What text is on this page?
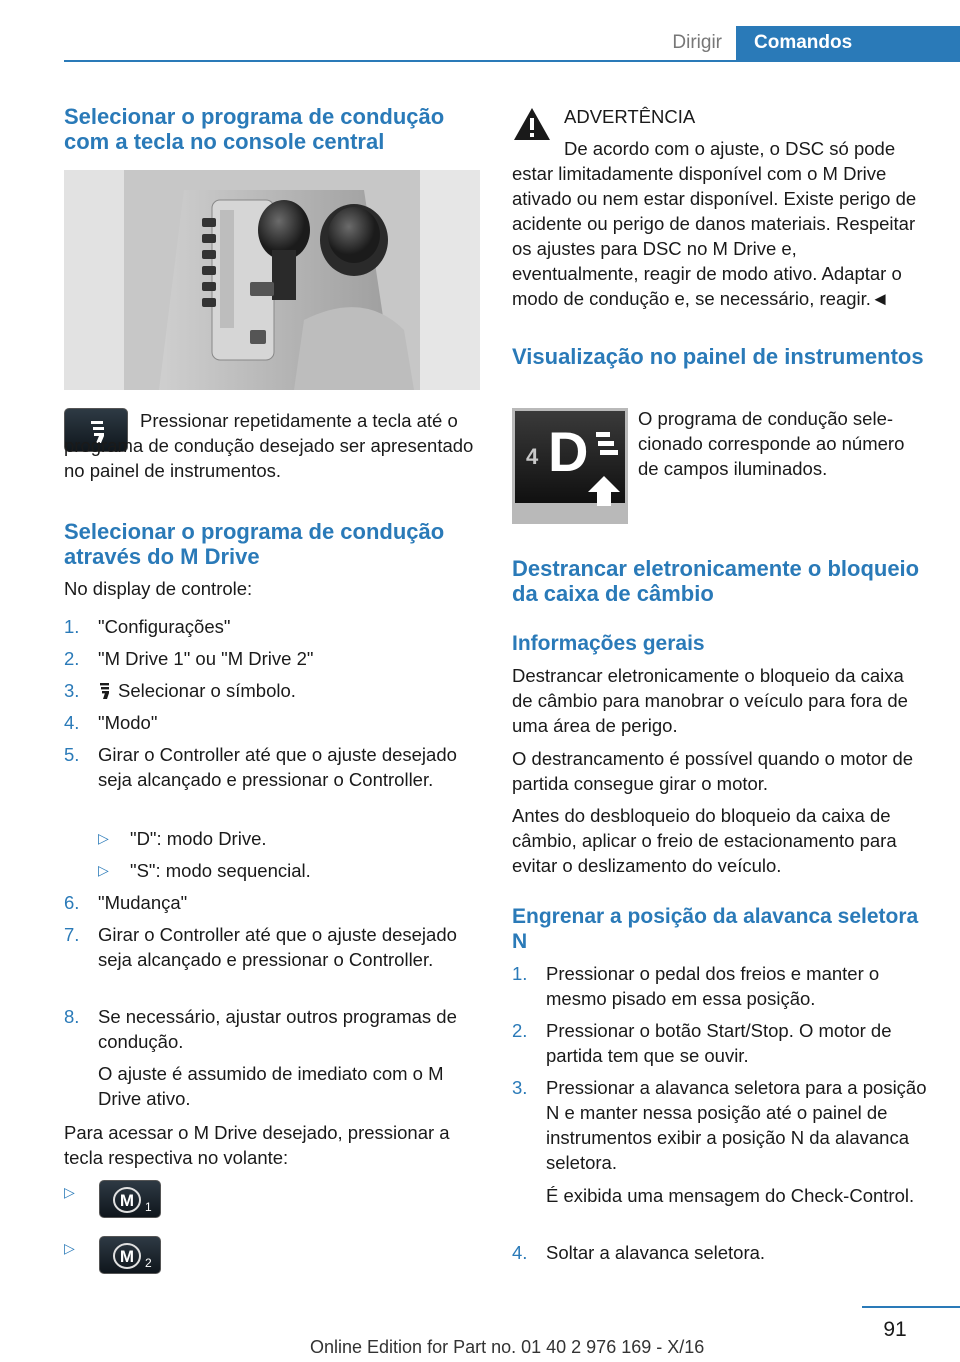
Dirigir	Comandos
Selecionar o programa de condução com a tecla no console central
Pressionar repetidamente a tecla até o programa de condução desejado ser apresentado no painel de instrumentos.
Selecionar o programa de condução através do M Drive
No display de controle:
1. "Configurações"
2. "M Drive 1" ou "M Drive 2"
3.	Selecionar o símbolo.
4. "Modo"
5. Girar o Controller até que o ajuste desejado seja alcançado e pressionar o Controller.
▷ "D": modo Drive.
▷ "S": modo sequencial.
6. "Mudança"
7. Girar o Controller até que o ajuste desejado seja alcançado e pressionar o Controller.
8. Se necessário, ajustar outros programas de condução.
O ajuste é assumido de imediato com o M Drive ativo.
Para acessar o M Drive desejado, pressionar a tecla respectiva no volante:
▷	M 1
▷	M 2
ADVERTÊNCIA
De acordo com o ajuste, o DSC só pode estar limitadamente disponível com o M Drive ativado ou nem estar disponível. Existe perigo de acidente ou perigo de danos materiais. Respeitar os ajustes para DSC no M Drive e, eventualmente, reagir de modo ativo. Adaptar o modo de condução e, se necessário, reagir.◄
Visualização no painel de instrumentos
4 D
O programa de condução selecionado corresponde ao número de campos iluminados.
Destrancar eletronicamente o bloqueio da caixa de câmbio
Informações gerais
Destrancar eletronicamente o bloqueio da caixa de câmbio para manobrar o veículo para fora de uma área de perigo.
O destrancamento é possível quando o motor de partida consegue girar o motor.
Antes do desbloqueio do bloqueio da caixa de câmbio, aplicar o freio de estacionamento para evitar o deslizamento do veículo.
Engrenar a posição da alavanca seletora N
1. Pressionar o pedal dos freios e manter o mesmo pisado em essa posição.
2. Pressionar o botão Start/Stop. O motor de partida tem que se ouvir.
3. Pressionar a alavanca seletora para a posição N e manter nessa posição até o painel de instrumentos exibir a posição N da alavanca seletora.
É exibida uma mensagem do Check-Control.
4. Soltar a alavanca seletora.
91
Online Edition for Part no. 01 40 2 976 169 - X/16
